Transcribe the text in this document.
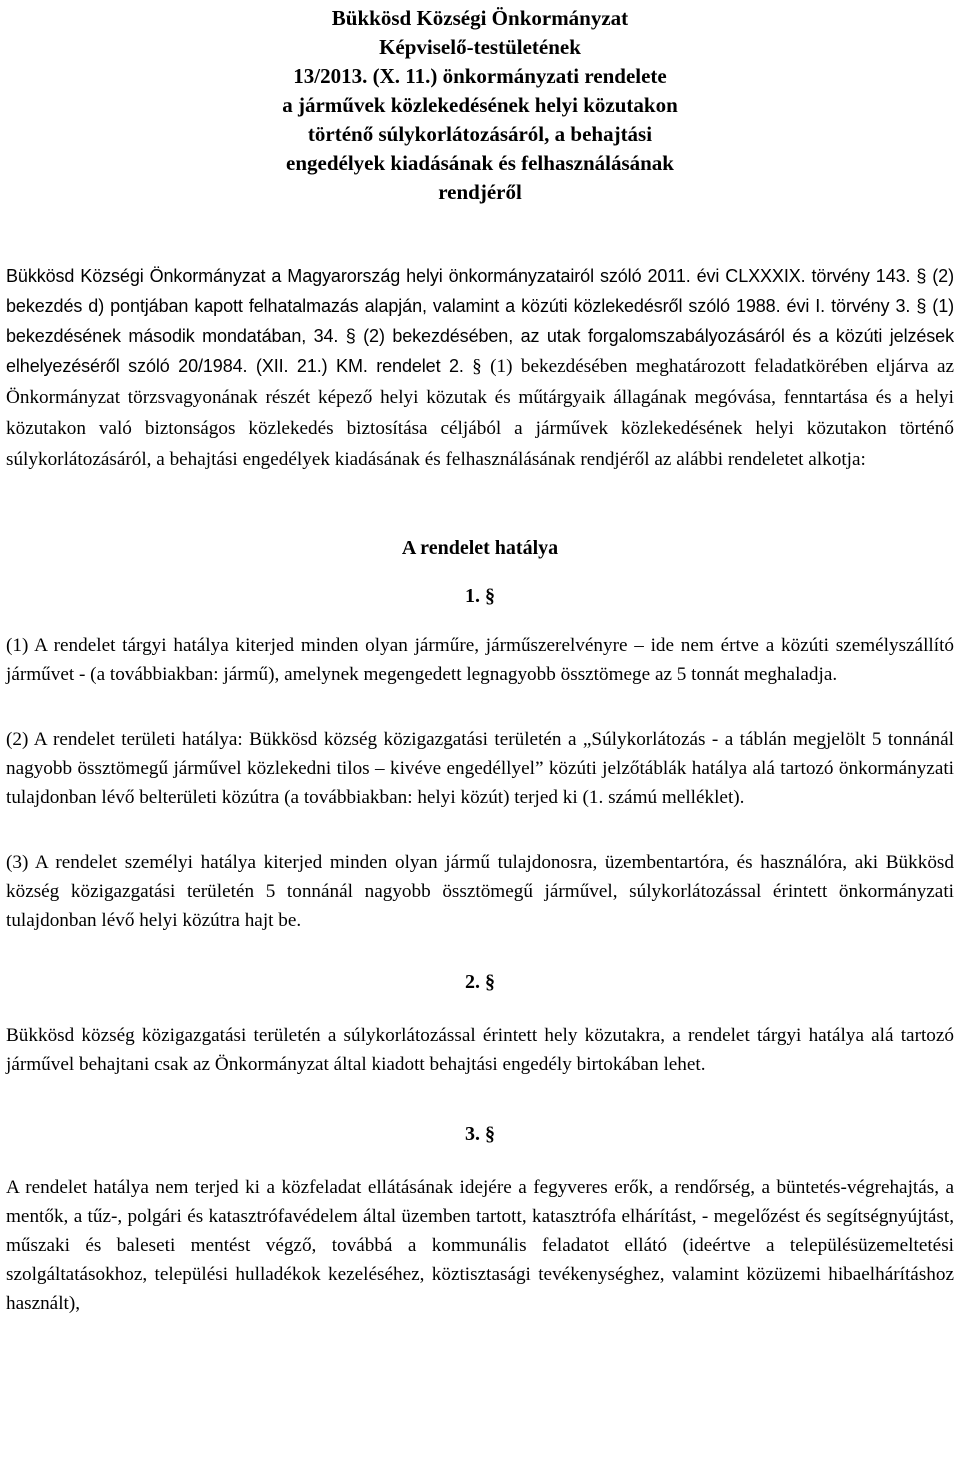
Bükkösd Községi Önkormányzat
Képviselő-testületének
13/2013. (X. 11.) önkormányzati rendelete
a járművek közlekedésének helyi közutakon
történő súlykorlátozásáról, a behajtási
engedélyek kiadásának és felhasználásának
rendjéről

Bükkösd Községi Önkormányzat a Magyarország helyi önkormányzatairól szóló 2011. évi CLXXXIX. törvény 143. § (2) bekezdés d) pontjában kapott felhatalmazás alapján, valamint a közúti közlekedésről szóló 1988. évi I. törvény 3. § (1) bekezdésének második mondatában, 34. § (2) bekezdésében, az utak forgalomszabályozásáról és a közúti jelzések elhelyezéséről szóló 20/1984. (XII. 21.) KM. rendelet 2. § (1) bekezdésében meghatározott feladatkörében eljárva az Önkormányzat törzsvagyonának részét képező helyi közutak és műtárgyaik állagának megóvása, fenntartása és a helyi közutakon való biztonságos közlekedés biztosítása céljából a járművek közlekedésének helyi közutakon történő súlykorlátozásáról, a behajtási engedélyek kiadásának és felhasználásának rendjéről az alábbi rendeletet alkotja:

A rendelet hatálya
1. §

(1) A rendelet tárgyi hatálya kiterjed minden olyan járműre, járműszerelvényre – ide nem értve a közúti személyszállító járművet - (a továbbiakban: jármű), amelynek megengedett legnagyobb össztömege az 5 tonnát meghaladja.

(2) A rendelet területi hatálya: Bükkösd község közigazgatási területén a „Súlykorlátozás - a táblán megjelölt 5 tonnánál nagyobb össztömegű járművel közlekedni tilos – kivéve engedéllyel” közúti jelzőtáblák hatálya alá tartozó önkormányzati tulajdonban lévő belterületi közútra (a továbbiakban: helyi közút) terjed ki (1. számú melléklet).

(3) A rendelet személyi hatálya kiterjed minden olyan jármű tulajdonosra, üzembentartóra, és használóra, aki Bükkösd község közigazgatási területén 5 tonnánál nagyobb össztömegű járművel, súlykorlátozással érintett önkormányzati tulajdonban lévő helyi közútra hajt be.

2. §

Bükkösd község közigazgatási területén a súlykorlátozással érintett hely közutakra, a rendelet tárgyi hatálya alá tartozó járművel behajtani csak az Önkormányzat által kiadott behajtási engedély birtokában lehet.

3. §

A rendelet hatálya nem terjed ki a közfeladat ellátásának idejére a fegyveres erők, a rendőrség, a büntetés-végrehajtás, a mentők, a tűz-, polgári és katasztrófavédelem által üzemben tartott, katasztrófa elhárítást, - megelőzést és segítségnyújtást, műszaki és baleseti mentést végző, továbbá a kommunális feladatot ellátó (ideértve a településüzemeltetési szolgáltatásokhoz, települési hulladékok kezeléséhez, köztisztasági tevékenységhez, valamint közüzemi hibaelhárításhoz használt),
